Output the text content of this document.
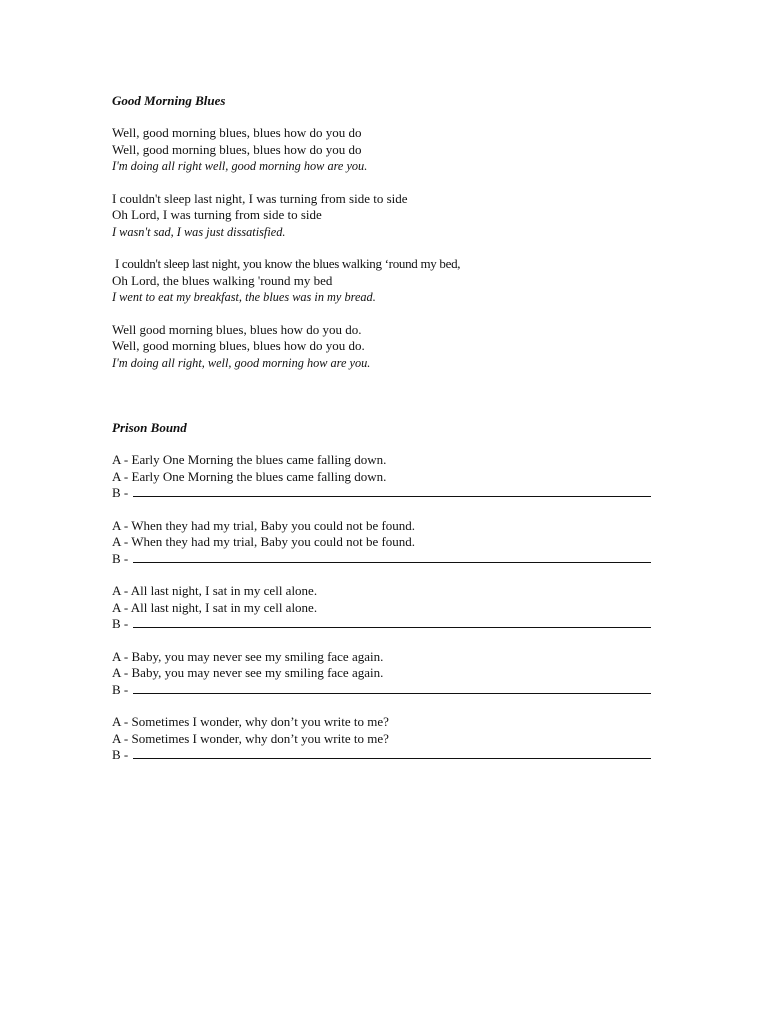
Good Morning Blues

Well, good morning blues, blues how do you do
Well, good morning blues, blues how do you do
I'm doing all right well, good morning how are you.
I couldn't sleep last night, I was turning from side to side
Oh Lord, I was turning from side to side
I wasn't sad, I was just dissatisfied.
I couldn't sleep last night, you know the blues walking ‘round my bed,
Oh Lord, the blues walking 'round my bed
I went to eat my breakfast, the blues was in my bread.
Well good morning blues, blues how do you do.
Well, good morning blues, blues how do you do.
I'm doing all right, well, good morning how are you.

Prison Bound

A - Early One Morning the blues came falling down.
A - Early One Morning the blues came falling down.
B -
A - When they had my trial, Baby you could not be found.
A - When they had my trial, Baby you could not be found.
B -
A - All last night, I sat in my cell alone.
A - All last night, I sat in my cell alone.
B -
A - Baby, you may never see my smiling face again.
A - Baby, you may never see my smiling face again.
B -
A - Sometimes I wonder, why don’t you write to me?
A - Sometimes I wonder, why don’t you write to me?
B -
